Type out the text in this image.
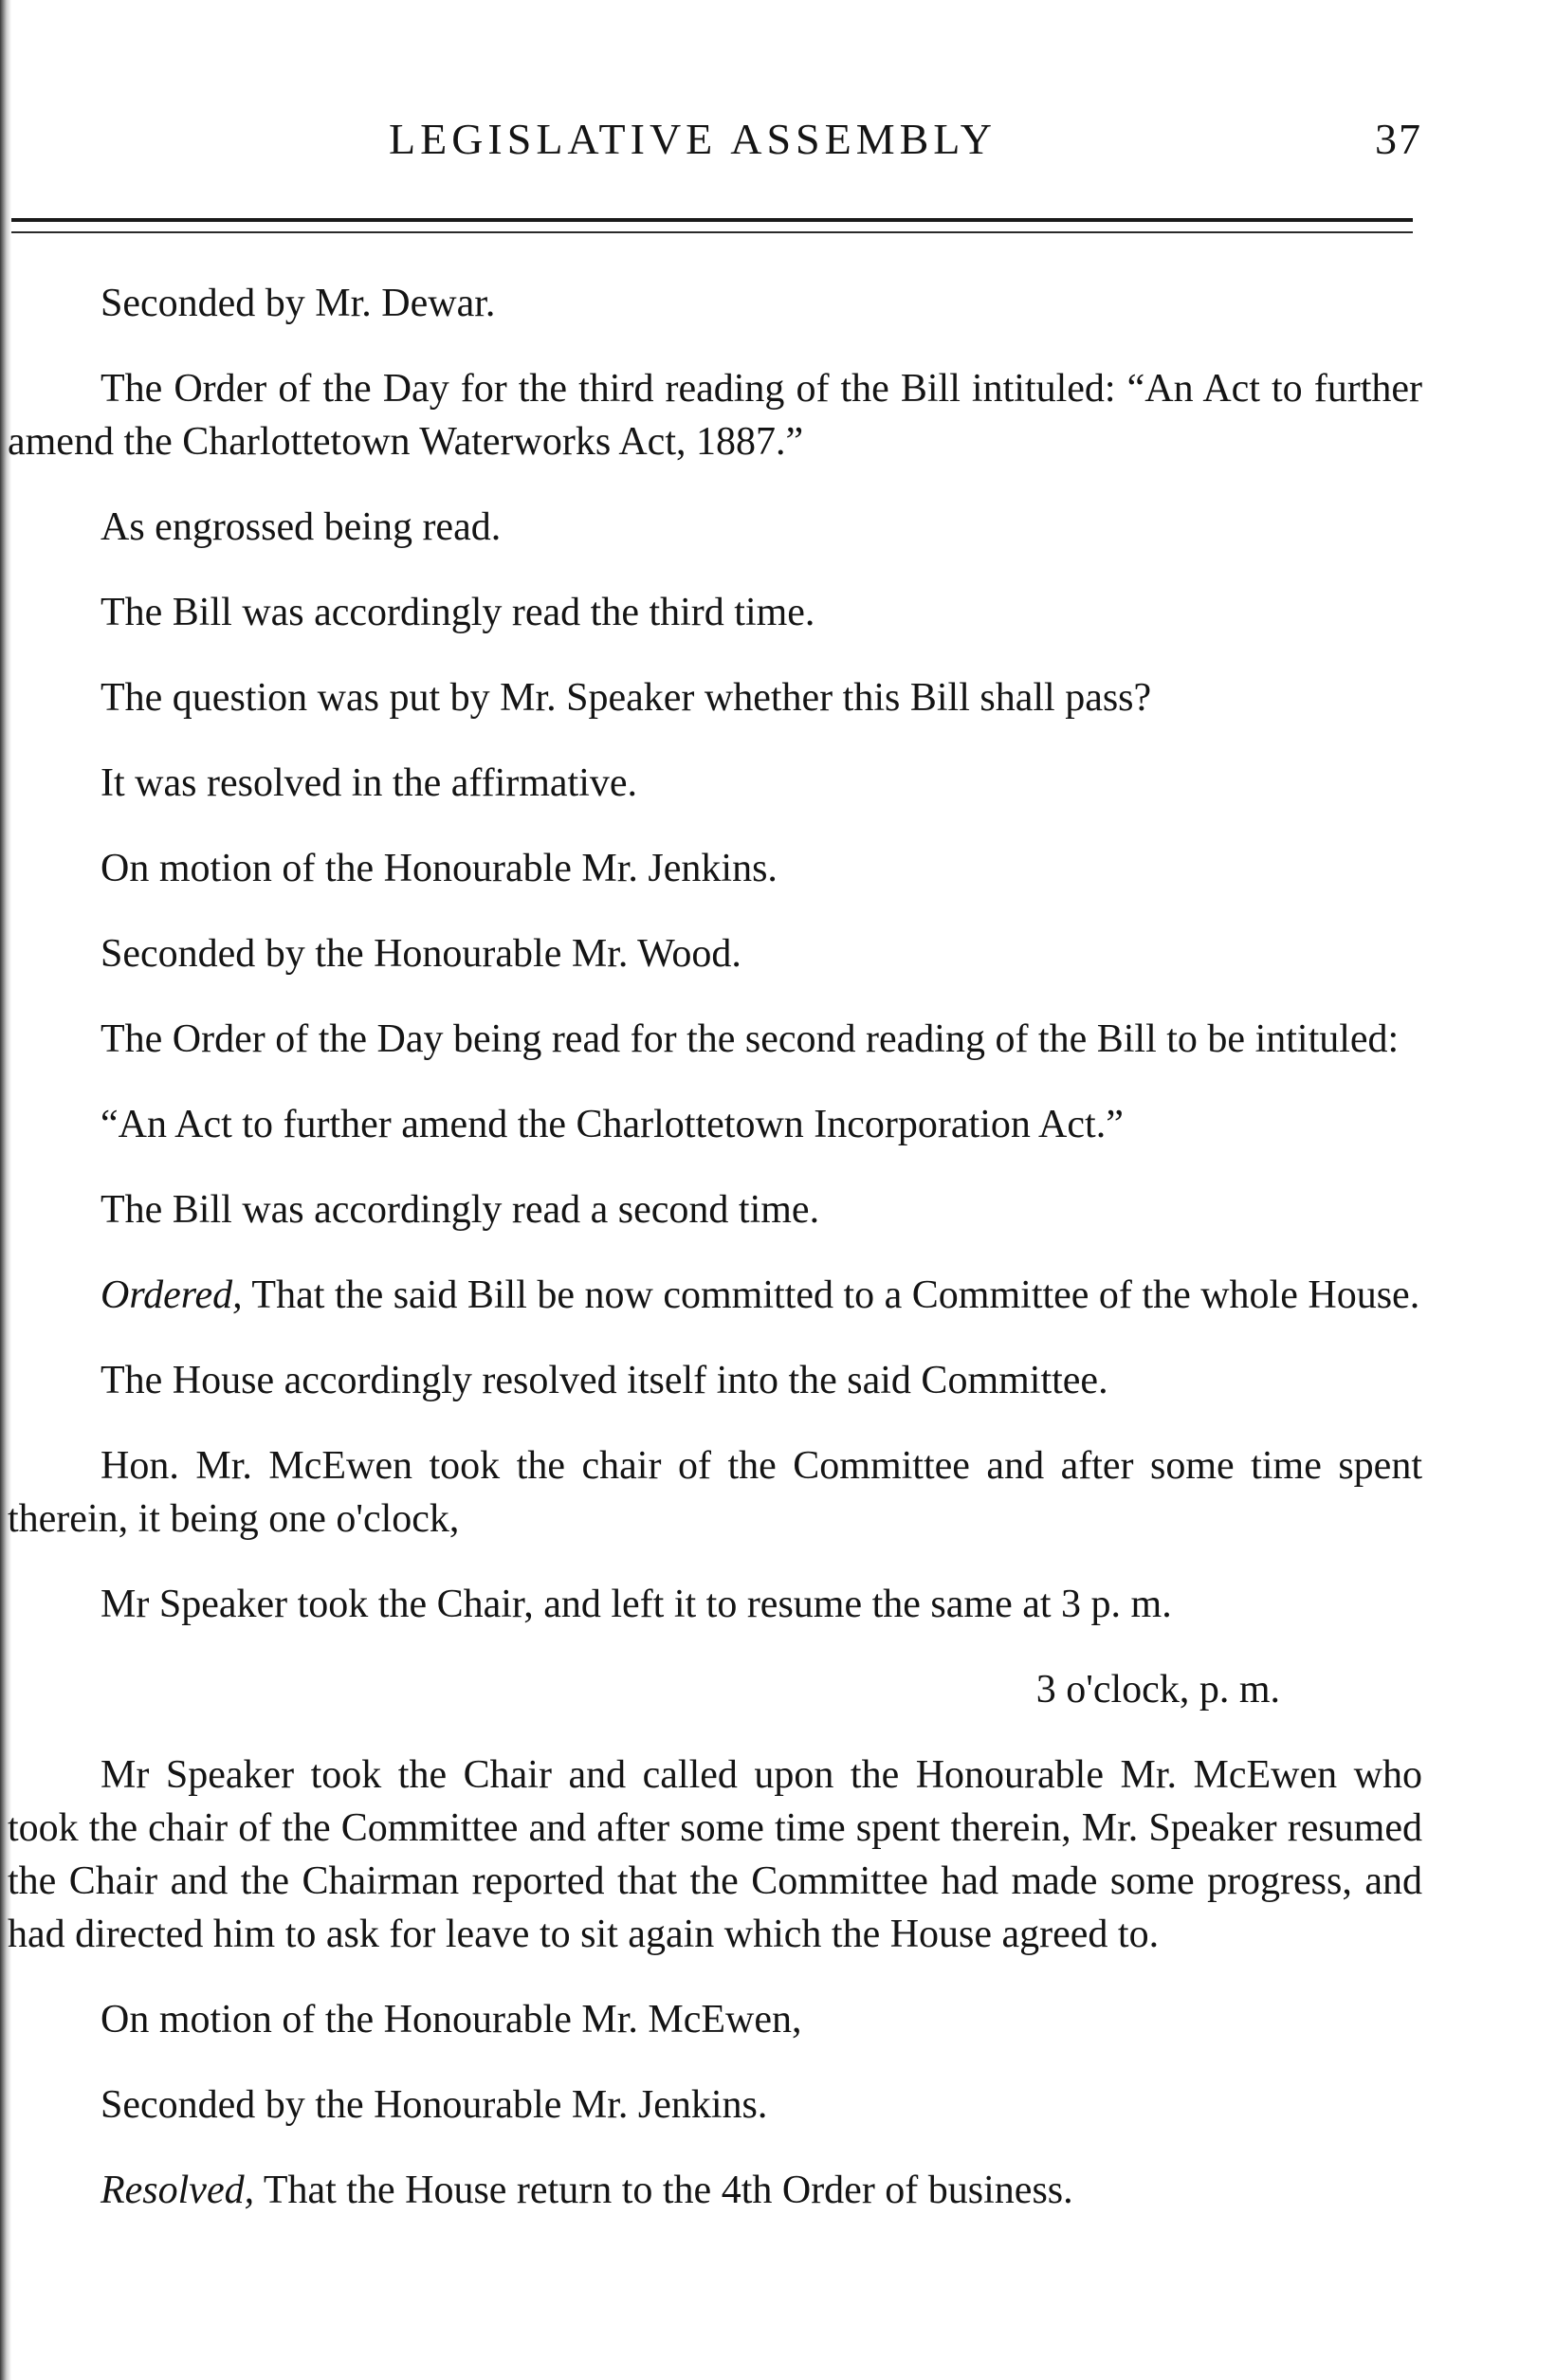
LEGISLATIVE ASSEMBLY	37

Seconded by Mr. Dewar.

The Order of the Day for the third reading of the Bill intituled: “An Act to further amend the Charlottetown Waterworks Act, 1887.”

As engrossed being read.

The Bill was accordingly read the third time.

The question was put by Mr. Speaker whether this Bill shall pass?

It was resolved in the affirmative.

On motion of the Honourable Mr. Jenkins.

Seconded by the Honourable Mr. Wood.

The Order of the Day being read for the second reading of the Bill to be intituled:

“An Act to further amend the Charlottetown Incorporation Act.”

The Bill was accordingly read a second time.

Ordered, That the said Bill be now committed to a Committee of the whole House.

The House accordingly resolved itself into the said Committee.

Hon. Mr. McEwen took the chair of the Committee and after some time spent therein, it being one o'clock,

Mr Speaker took the Chair, and left it to resume the same at 3 p. m.

3 o'clock, p. m.

Mr Speaker took the Chair and called upon the Honourable Mr. McEwen who took the chair of the Committee and after some time spent therein, Mr. Speaker resumed the Chair and the Chairman reported that the Committee had made some progress, and had directed him to ask for leave to sit again which the House agreed to.

On motion of the Honourable Mr. McEwen,

Seconded by the Honourable Mr. Jenkins.

Resolved, That the House return to the 4th Order of business.
